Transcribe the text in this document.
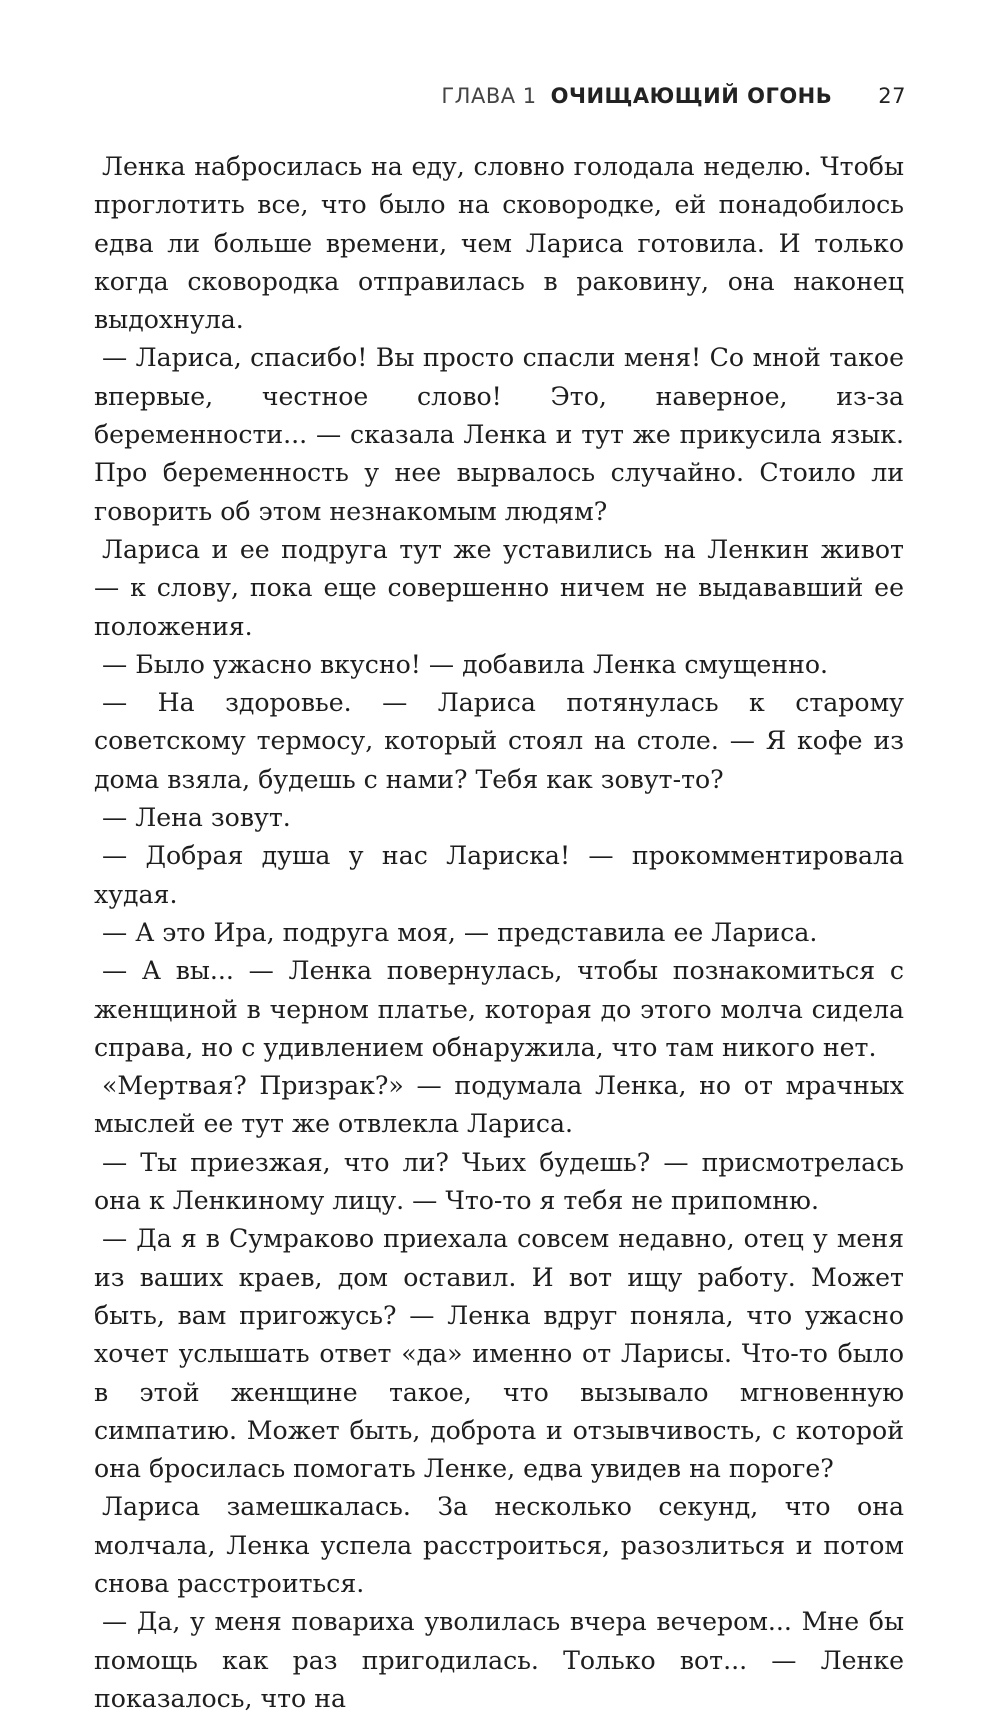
ГЛАВА 1 ОЧИЩАЮЩИЙ ОГОНЬ 27

Ленка набросилась на еду, словно голодала неделю. Чтобы проглотить все, что было на сковородке, ей понадобилось едва ли больше времени, чем Лариса готовила. И только когда сковородка отправилась в раковину, она наконец выдохнула.

— Лариса, спасибо! Вы просто спасли меня! Со мной такое впервые, честное слово! Это, наверное, из-за беременности... — сказала Ленка и тут же прикусила язык. Про беременность у нее вырвалось случайно. Стоило ли говорить об этом незнакомым людям?

Лариса и ее подруга тут же уставились на Ленкин живот — к слову, пока еще совершенно ничем не выдававший ее положения.

— Было ужасно вкусно! — добавила Ленка смущенно.

— На здоровье. — Лариса потянулась к старому советскому термосу, который стоял на столе. — Я кофе из дома взяла, будешь с нами? Тебя как зовут-то?

— Лена зовут.

— Добрая душа у нас Лариска! — прокомментировала худая.

— А это Ира, подруга моя, — представила ее Лариса.

— А вы... — Ленка повернулась, чтобы познакомиться с женщиной в черном платье, которая до этого молча сидела справа, но с удивлением обнаружила, что там никого нет.

«Мертвая? Призрак?» — подумала Ленка, но от мрачных мыслей ее тут же отвлекла Лариса.

— Ты приезжая, что ли? Чьих будешь? — присмотрелась она к Ленкиному лицу. — Что-то я тебя не припомню.

— Да я в Сумраково приехала совсем недавно, отец у меня из ваших краев, дом оставил. И вот ищу работу. Может быть, вам пригожусь? — Ленка вдруг поняла, что ужасно хочет услышать ответ «да» именно от Ларисы. Что-то было в этой женщине такое, что вызывало мгновенную симпатию. Может быть, доброта и отзывчивость, с которой она бросилась помогать Ленке, едва увидев на пороге?

Лариса замешкалась. За несколько секунд, что она молчала, Ленка успела расстроиться, разозлиться и потом снова расстроиться.

— Да, у меня повариха уволилась вчера вечером... Мне бы помощь как раз пригодилась. Только вот... — Ленке показалось, что на
